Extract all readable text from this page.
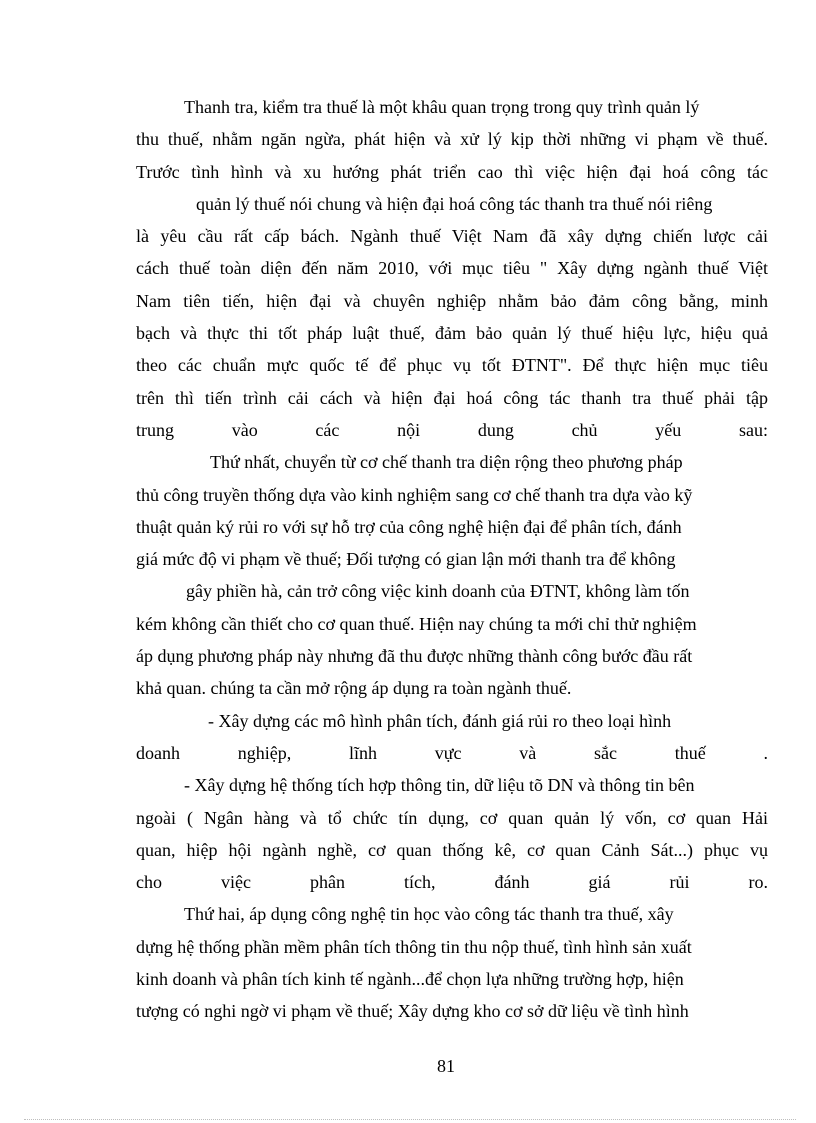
Thanh tra, kiểm tra thuế là một khâu quan trọng trong quy trình quản lý
thu thuế, nhằm ngăn ngừa, phát hiện và xử lý kịp thời những vi phạm về thuế.
Trước tình hình và xu hướng phát triển cao thì việc hiện đại hoá công tác
quản lý thuế nói chung và hiện đại hoá công tác thanh tra thuế nói riêng
là yêu cầu rất cấp bách. Ngành thuế Việt Nam đã xây dựng chiến lược cải
cách thuế toàn diện đến năm 2010, với mục tiêu " Xây dựng ngành thuế Việt
Nam tiên tiến, hiện đại và chuyên nghiệp nhằm bảo đảm công bằng, minh
bạch và thực thi tốt pháp luật thuế, đảm bảo quản lý thuế hiệu lực, hiệu quả
theo các chuẩn mực quốc tế để phục vụ tốt ĐTNT". Để thực hiện mục tiêu
trên thì tiến trình cải cách và hiện đại hoá công tác thanh tra thuế phải tập
trung vào các nội dung chủ yếu sau:
Thứ nhất, chuyển từ cơ chế thanh tra diện rộng theo phương pháp
thủ công truyền thống dựa vào kinh nghiệm sang cơ chế thanh tra dựa vào kỹ
thuật quản ký rủi ro với sự hỗ trợ của công nghệ hiện đại để phân tích, đánh
giá mức độ vi phạm về thuế; Đối tượng có gian lận mới thanh tra để không
gây phiền hà, cản trở công việc kinh doanh của ĐTNT, không làm tốn
kém không cần thiết cho cơ quan thuế. Hiện nay chúng ta mới chỉ thử nghiệm
áp dụng phương pháp này nhưng đã thu được những thành công bước đầu rất
khả quan. chúng ta cần mở rộng áp dụng ra toàn ngành thuế.
- Xây dựng các mô hình phân tích, đánh giá rủi ro theo loại hình
doanh nghiệp, lĩnh vực và sắc thuế .
- Xây dựng hệ thống tích hợp thông tin, dữ liệu tõ DN và thông tin bên
ngoài ( Ngân hàng và tổ chức tín dụng, cơ quan quản lý vốn, cơ quan Hải
quan, hiệp hội ngành nghề, cơ quan thống kê, cơ quan Cảnh Sát...) phục vụ
cho việc phân tích, đánh giá rủi ro.
Thứ hai, áp dụng công nghệ tin học vào công tác thanh tra thuế, xây
dựng hệ thống phần mềm phân tích thông tin thu nộp thuế, tình hình sản xuất
kinh doanh và phân tích kinh tế ngành...để chọn lựa những trường hợp, hiện
tượng có nghi ngờ vi phạm về thuế; Xây dựng kho cơ sở dữ liệu về tình hình
81
